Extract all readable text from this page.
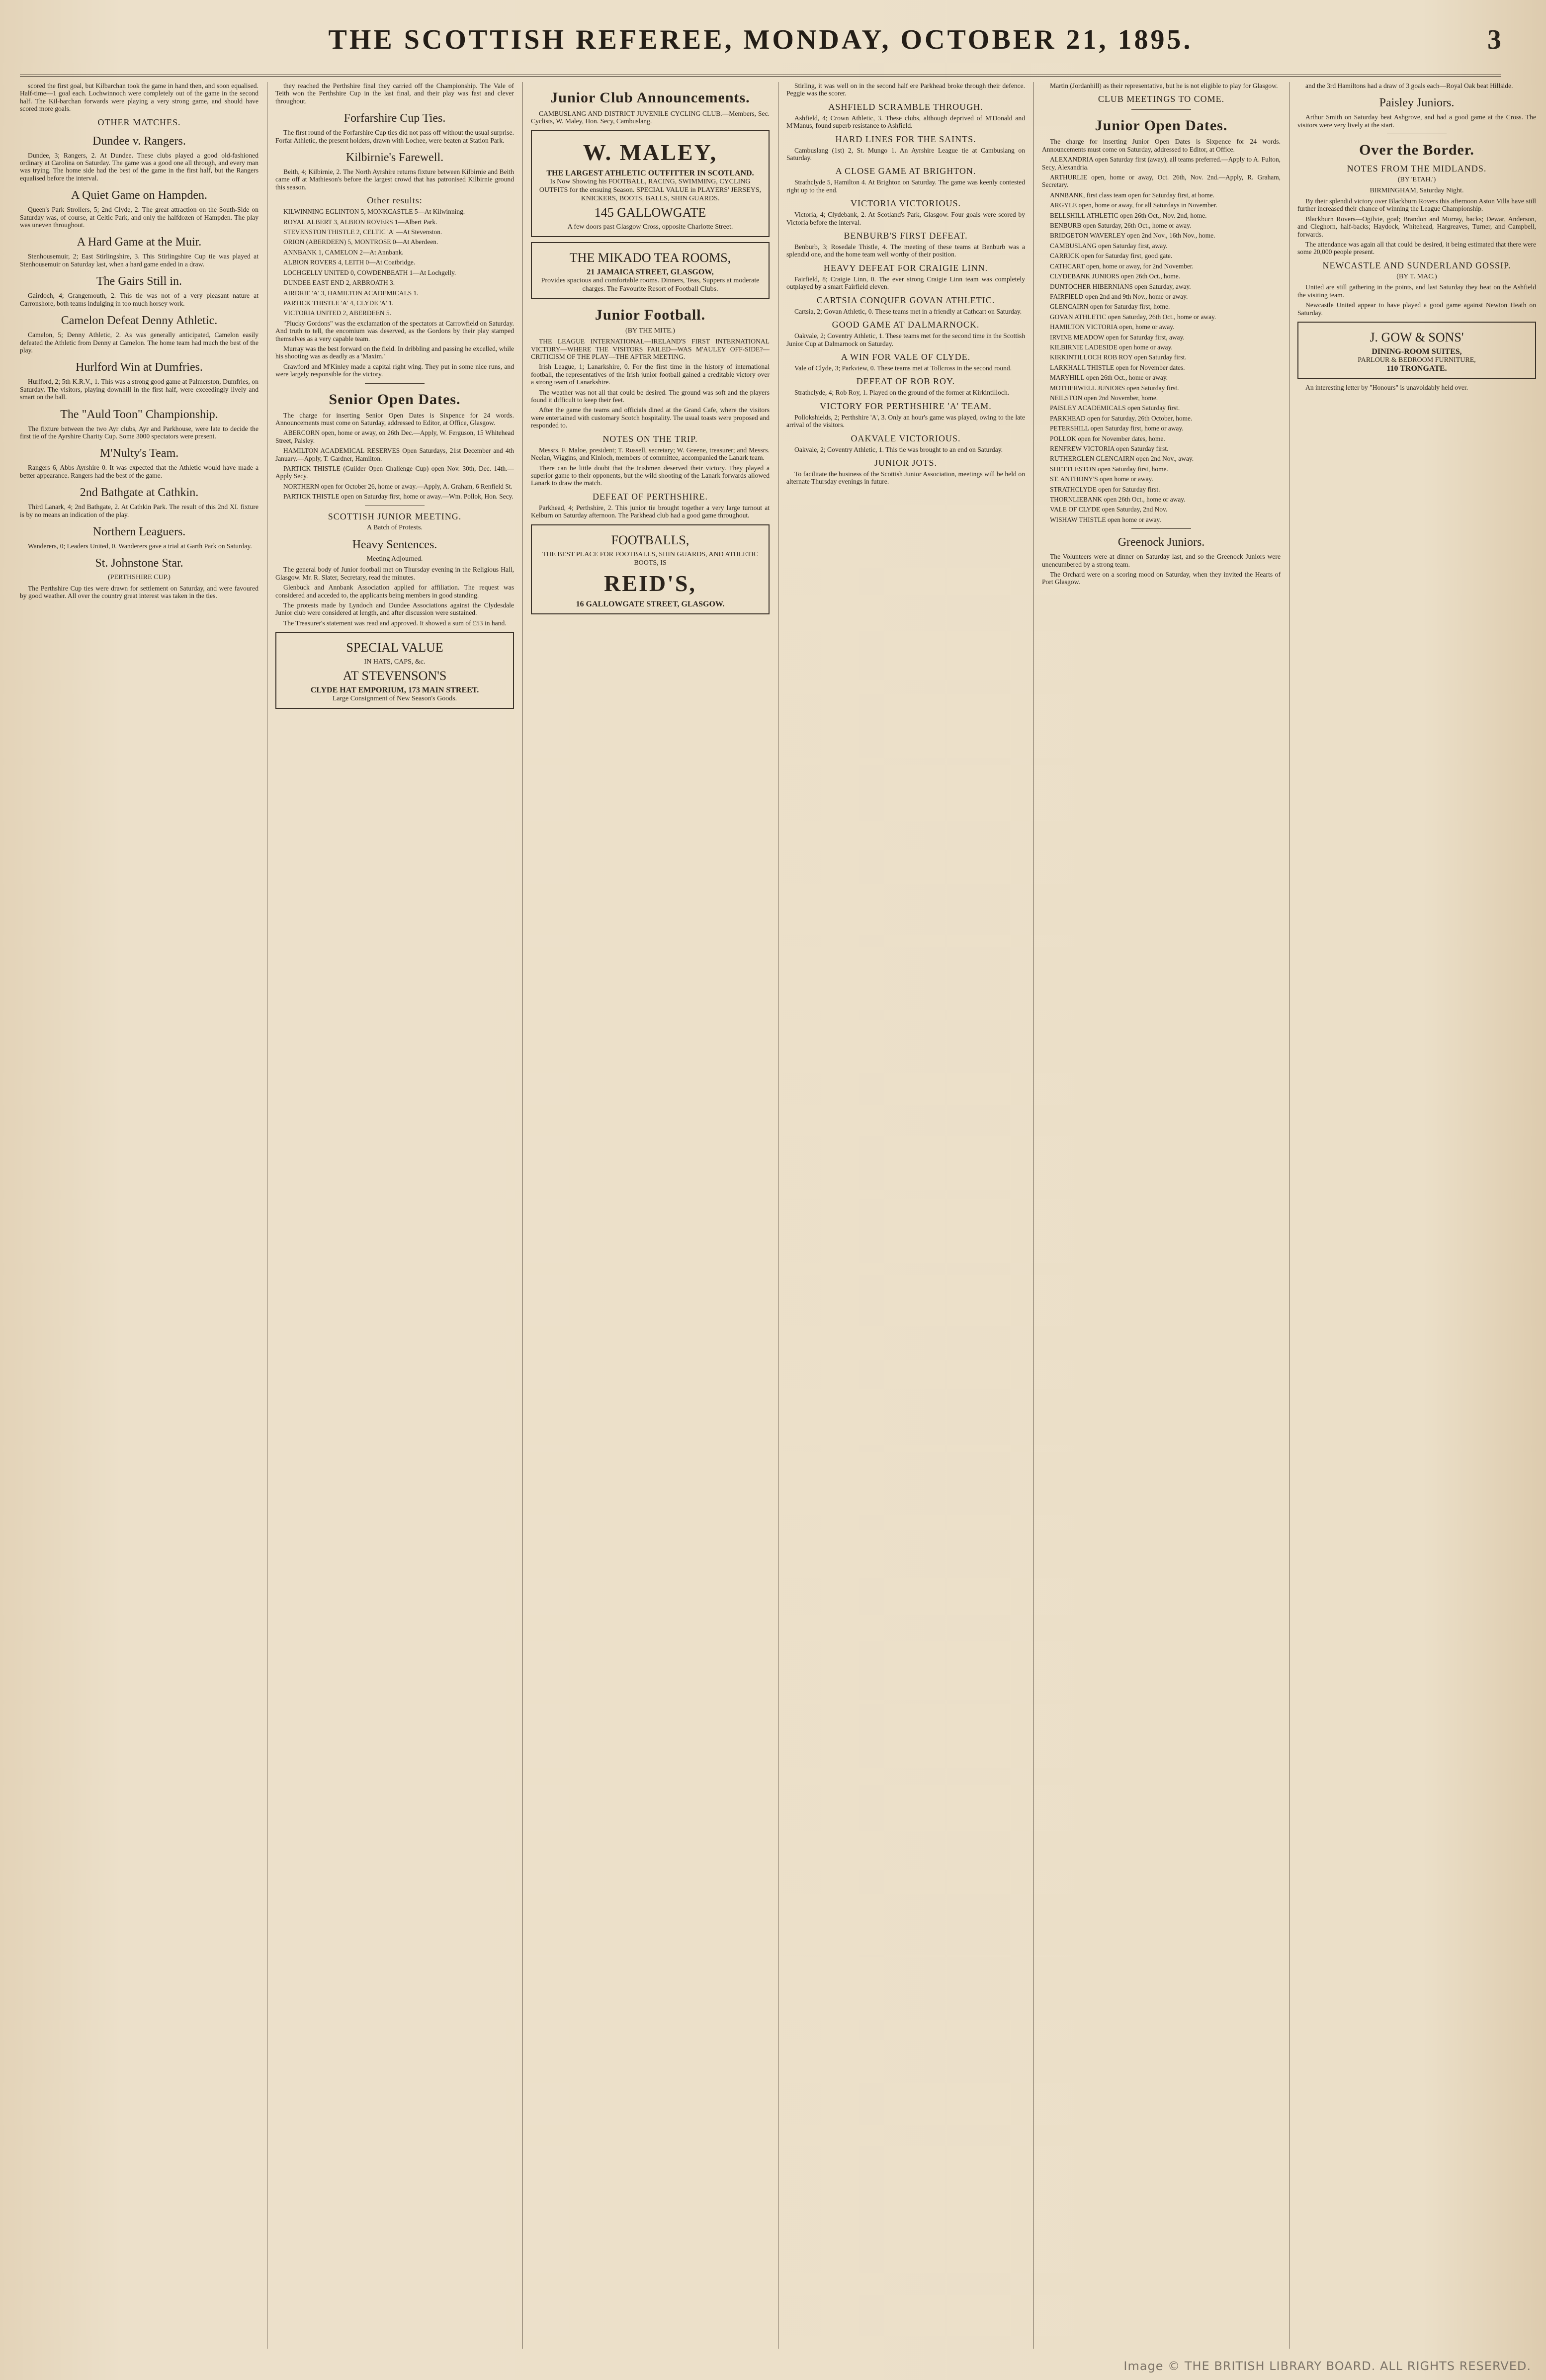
THE SCOTTISH REFEREE, MONDAY, OCTOBER 21, 1895.	3

scored the first goal, but Kilbarchan took the game in hand then, and soon equalised. Half-time—1 goal each. Lochwinnoch were completely out of the game in the second half. The Kil-barchan forwards were playing a very strong game, and should have scored more goals.

OTHER MATCHES.
Dundee v. Rangers.

Dundee, 3; Rangers, 2. At Dundee. These clubs played a good old-fashioned ordinary at Carolina on Saturday. The game was a good one all through, and every man was trying. The home side had the best of the game in the first half, but the Rangers equalised before the interval.

A Quiet Game on Hampden.

Queen's Park Strollers, 5; 2nd Clyde, 2. The great attraction on the South-Side on Saturday was, of course, at Celtic Park, and only the halfdozen of Hampden. The play was uneven throughout.

A Hard Game at the Muir.

Stenhousemuir, 2; East Stirlingshire, 3. This Stirlingshire Cup tie was played at Stenhousemuir on Saturday last, when a hard game ended in a draw.

The Gairs Still in.

Gairdoch, 4; Grangemouth, 2. This tie was not of a very pleasant nature at Carronshore, both teams indulging in too much horsey work.

Camelon Defeat Denny Athletic.

Camelon, 5; Denny Athletic, 2. As was generally anticipated, Camelon easily defeated the Athletic from Denny at Camelon. The home team had much the best of the play.

Hurlford Win at Dumfries.

Hurlford, 2; 5th K.R.V., 1. This was a strong good game at Palmerston, Dumfries, on Saturday. The visitors, playing downhill in the first half, were exceedingly lively and smart on the ball.

The "Auld Toon" Championship.

The fixture between the two Ayr clubs, Ayr and Parkhouse, were late to decide the first tie of the Ayrshire Charity Cup. Some 3000 spectators were present.

M'Nulty's Team.

Rangers 6, Abbs Ayrshire 0. It was expected that the Athletic would have made a better appearance. Rangers had the best of the game.

2nd Bathgate at Cathkin.

Third Lanark, 4; 2nd Bathgate, 2. At Cathkin Park. The result of this 2nd XI. fixture is by no means an indication of the play.

Northern Leaguers.

Wanderers, 0; Leaders United, 0. Wanderers gave a trial at Garth Park on Saturday.

St. Johnstone Star.
(PERTHSHIRE CUP.)

The Perthshire Cup ties were drawn for settlement on Saturday, and were favoured by good weather. All over the country great interest was taken in the ties.

they reached the Perthshire final they carried off the Championship. The Vale of Teith won the Perthshire Cup in the last final, and their play was fast and clever throughout.

Forfarshire Cup Ties.

The first round of the Forfarshire Cup ties did not pass off without the usual surprise. Forfar Athletic, the present holders, drawn with Lochee, were beaten at Station Park.

Kilbirnie's Farewell.

Beith, 4; Kilbirnie, 2. The North Ayrshire returns fixture between Kilbirnie and Beith came off at Mathieson's before the largest crowd that has patronised Kilbirnie ground this season.

Other results:

KILWINNING EGLINTON 5, MONKCASTLE 5—At Kilwinning.

ROYAL ALBERT 3, ALBION ROVERS 1—Albert Park.

STEVENSTON THISTLE 2, CELTIC 'A' —At Stevenston.

ORION (ABERDEEN) 5, MONTROSE 0—At Aberdeen.

ANNBANK 1, CAMELON 2—At Annbank.

ALBION ROVERS 4, LEITH 0—At Coatbridge.

LOCHGELLY UNITED 0, COWDENBEATH 1—At Lochgelly.

DUNDEE EAST END 2, ARBROATH 3.

AIRDRIE 'A' 3, HAMILTON ACADEMICALS 1.

PARTICK THISTLE 'A' 4, CLYDE 'A' 1.

VICTORIA UNITED 2, ABERDEEN 5.

"Plucky Gordons" was the exclamation of the spectators at Carrowfield on Saturday. And truth to tell, the encomium was deserved, as the Gordons by their play stamped themselves as a very capable team.

Murray was the best forward on the field. In dribbling and passing he excelled, while his shooting was as deadly as a 'Maxim.'

Crawford and M'Kinley made a capital right wing. They put in some nice runs, and were largely responsible for the victory.

Senior Open Dates.

The charge for inserting Senior Open Dates is Sixpence for 24 words. Announcements must come on Saturday, addressed to Editor, at Office, Glasgow.

ABERCORN open, home or away, on 26th Dec.—Apply, W. Ferguson, 15 Whitehead Street, Paisley.

HAMILTON ACADEMICAL RESERVES Open Saturdays, 21st December and 4th January.—Apply, T. Gardner, Hamilton.

PARTICK THISTLE (Guilder Open Challenge Cup) open Nov. 30th, Dec. 14th.—Apply Secy.

NORTHERN open for October 26, home or away.—Apply, A. Graham, 6 Renfield St.

PARTICK THISTLE open on Saturday first, home or away.—Wm. Pollok, Hon. Secy.

SCOTTISH JUNIOR MEETING.
A Batch of Protests.
Heavy Sentences.
Meeting Adjourned.

The general body of Junior football met on Thursday evening in the Religious Hall, Glasgow. Mr. R. Slater, Secretary, read the minutes.

Glenbuck and Annbank Association applied for affiliation. The request was considered and acceded to, the applicants being members in good standing.

The protests made by Lyndoch and Dundee Associations against the Clydesdale Junior club were considered at length, and after discussion were sustained.

The Treasurer's statement was read and approved. It showed a sum of £53 in hand.

SPECIAL VALUE
IN HATS, CAPS, &c.
AT STEVENSON'S
CLYDE HAT EMPORIUM, 173 MAIN STREET.
Large Consignment of New Season's Goods.
Junior Club Announcements.

CAMBUSLANG AND DISTRICT JUVENILE CYCLING CLUB.—Members, Sec. Cyclists, W. Maley, Hon. Secy, Cambuslang.

W. MALEY,
THE LARGEST ATHLETIC OUTFITTER IN SCOTLAND.
Is Now Showing his FOOTBALL, RACING, SWIMMING, CYCLING OUTFITS for the ensuing Season. SPECIAL VALUE in PLAYERS' JERSEYS, KNICKERS, BOOTS, BALLS, SHIN GUARDS.
145 GALLOWGATE
A few doors past Glasgow Cross, opposite Charlotte Street.
THE MIKADO TEA ROOMS,
21 JAMAICA STREET, GLASGOW,
Provides spacious and comfortable rooms. Dinners, Teas, Suppers at moderate charges. The Favourite Resort of Football Clubs.
Junior Football.
(BY THE MITE.)

THE LEAGUE INTERNATIONAL—IRELAND'S FIRST INTERNATIONAL VICTORY—WHERE THE VISITORS FAILED—WAS M'AULEY OFF-SIDE?—CRITICISM OF THE PLAY—THE AFTER MEETING.

Irish League, 1; Lanarkshire, 0. For the first time in the history of international football, the representatives of the Irish junior football gained a creditable victory over a strong team of Lanarkshire.

The weather was not all that could be desired. The ground was soft and the players found it difficult to keep their feet.

After the game the teams and officials dined at the Grand Cafe, where the visitors were entertained with customary Scotch hospitality. The usual toasts were proposed and responded to.

NOTES ON THE TRIP.

Messrs. F. Maloe, president; T. Russell, secretary; W. Greene, treasurer; and Messrs. Neelan, Wiggins, and Kinloch, members of committee, accompanied the Lanark team.

There can be little doubt that the Irishmen deserved their victory. They played a superior game to their opponents, but the wild shooting of the Lanark forwards allowed Lanark to draw the match.

DEFEAT OF PERTHSHIRE.

Parkhead, 4; Perthshire, 2. This junior tie brought together a very large turnout at Kelburn on Saturday afternoon. The Parkhead club had a good game throughout.

FOOTBALLS,
THE BEST PLACE FOR FOOTBALLS, SHIN GUARDS, AND ATHLETIC BOOTS, IS
REID'S,
16 GALLOWGATE STREET, GLASGOW.

Stirling, it was well on in the second half ere Parkhead broke through their defence. Peggie was the scorer.

ASHFIELD SCRAMBLE THROUGH.

Ashfield, 4; Crown Athletic, 3. These clubs, although deprived of M'Donald and M'Manus, found superb resistance to Ashfield.

HARD LINES FOR THE SAINTS.

Cambuslang (1st) 2, St. Mungo 1. An Ayrshire League tie at Cambuslang on Saturday.

A CLOSE GAME AT BRIGHTON.

Strathclyde 5, Hamilton 4. At Brighton on Saturday. The game was keenly contested right up to the end.

VICTORIA VICTORIOUS.

Victoria, 4; Clydebank, 2. At Scotland's Park, Glasgow. Four goals were scored by Victoria before the interval.

BENBURB'S FIRST DEFEAT.

Benburb, 3; Rosedale Thistle, 4. The meeting of these teams at Benburb was a splendid one, and the home team well worthy of their position.

HEAVY DEFEAT FOR CRAIGIE LINN.

Fairfield, 8; Craigie Linn, 0. The ever strong Craigie Linn team was completely outplayed by a smart Fairfield eleven.

CARTSIA CONQUER GOVAN ATHLETIC.

Cartsia, 2; Govan Athletic, 0. These teams met in a friendly at Cathcart on Saturday.

GOOD GAME AT DALMARNOCK.

Oakvale, 2; Coventry Athletic, 1. These teams met for the second time in the Scottish Junior Cup at Dalmarnock on Saturday.

A WIN FOR VALE OF CLYDE.

Vale of Clyde, 3; Parkview, 0. These teams met at Tollcross in the second round.

DEFEAT OF ROB ROY.

Strathclyde, 4; Rob Roy, 1. Played on the ground of the former at Kirkintilloch.

VICTORY FOR PERTHSHIRE 'A' TEAM.

Pollokshields, 2; Perthshire 'A', 3. Only an hour's game was played, owing to the late arrival of the visitors.

OAKVALE VICTORIOUS.

Oakvale, 2; Coventry Athletic, 1. This tie was brought to an end on Saturday.

JUNIOR JOTS.

To facilitate the business of the Scottish Junior Association, meetings will be held on alternate Thursday evenings in future.

Martin (Jordanhill) as their representative, but he is not eligible to play for Glasgow.

CLUB MEETINGS TO COME.
Junior Open Dates.

The charge for inserting Junior Open Dates is Sixpence for 24 words. Announcements must come on Saturday, addressed to Editor, at Office.

ALEXANDRIA open Saturday first (away), all teams preferred.—Apply to A. Fulton, Secy, Alexandria.

ARTHURLIE open, home or away, Oct. 26th, Nov. 2nd.—Apply, R. Graham, Secretary.

ANNBANK, first class team open for Saturday first, at home.

ARGYLE open, home or away, for all Saturdays in November.

BELLSHILL ATHLETIC open 26th Oct., Nov. 2nd, home.

BENBURB open Saturday, 26th Oct., home or away.

BRIDGETON WAVERLEY open 2nd Nov., 16th Nov., home.

CAMBUSLANG open Saturday first, away.

CARRICK open for Saturday first, good gate.

CATHCART open, home or away, for 2nd November.

CLYDEBANK JUNIORS open 26th Oct., home.

DUNTOCHER HIBERNIANS open Saturday, away.

FAIRFIELD open 2nd and 9th Nov., home or away.

GLENCAIRN open for Saturday first, home.

GOVAN ATHLETIC open Saturday, 26th Oct., home or away.

HAMILTON VICTORIA open, home or away.

IRVINE MEADOW open for Saturday first, away.

KILBIRNIE LADESIDE open home or away.

KIRKINTILLOCH ROB ROY open Saturday first.

LARKHALL THISTLE open for November dates.

MARYHILL open 26th Oct., home or away.

MOTHERWELL JUNIORS open Saturday first.

NEILSTON open 2nd November, home.

PAISLEY ACADEMICALS open Saturday first.

PARKHEAD open for Saturday, 26th October, home.

PETERSHILL open Saturday first, home or away.

POLLOK open for November dates, home.

RENFREW VICTORIA open Saturday first.

RUTHERGLEN GLENCAIRN open 2nd Nov., away.

SHETTLESTON open Saturday first, home.

ST. ANTHONY'S open home or away.

STRATHCLYDE open for Saturday first.

THORNLIEBANK open 26th Oct., home or away.

VALE OF CLYDE open Saturday, 2nd Nov.

WISHAW THISTLE open home or away.

Greenock Juniors.

The Volunteers were at dinner on Saturday last, and so the Greenock Juniors were unencumbered by a strong team.

The Orchard were on a scoring mood on Saturday, when they invited the Hearts of Port Glasgow.

and the 3rd Hamiltons had a draw of 3 goals each—Royal Oak beat Hillside.

Paisley Juniors.

Arthur Smith on Saturday beat Ashgrove, and had a good game at the Cross. The visitors were very lively at the start.

Over the Border.
NOTES FROM THE MIDLANDS.
(BY 'ETAH.')
BIRMINGHAM, Saturday Night.

By their splendid victory over Blackburn Rovers this afternoon Aston Villa have still further increased their chance of winning the League Championship.

Blackburn Rovers—Ogilvie, goal; Brandon and Murray, backs; Dewar, Anderson, and Cleghorn, half-backs; Haydock, Whitehead, Hargreaves, Turner, and Campbell, forwards.

The attendance was again all that could be desired, it being estimated that there were some 20,000 people present.

NEWCASTLE AND SUNDERLAND GOSSIP.
(BY T. MAC.)

United are still gathering in the points, and last Saturday they beat on the Ashfield the visiting team.

Newcastle United appear to have played a good game against Newton Heath on Saturday.

J. GOW & SONS'
DINING-ROOM SUITES,
PARLOUR & BEDROOM FURNITURE,
110 TRONGATE.

An interesting letter by "Honours" is unavoidably held over.

Image © THE BRITISH LIBRARY BOARD. ALL RIGHTS RESERVED.
